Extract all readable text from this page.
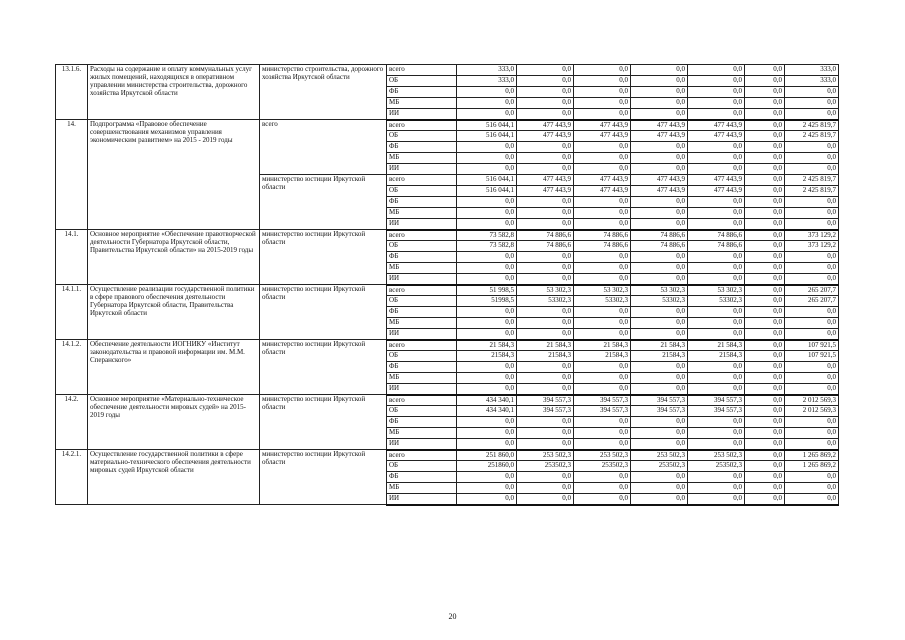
13.1.6.	Расходы на содержание и оплату коммунальных услуг жилых помещений, находящихся в оперативном управлении министерства строительства, дорожного хозяйства Иркутской области	министерство строительства, дорожного хозяйства Иркутской области	всего	333,0	0,0	0,0	0,0	0,0	0,0	333,0
			ОБ	333,0	0,0	0,0	0,0	0,0	0,0	333,0
			ФБ	0,0	0,0	0,0	0,0	0,0	0,0	0,0
			МБ	0,0	0,0	0,0	0,0	0,0	0,0	0,0
			ИИ	0,0	0,0	0,0	0,0	0,0	0,0	0,0
14.	Подпрограмма «Правовое обеспечение совершенствования механизмов управления экономическим развитием» на 2015 - 2019 годы	всего	всего	516 044,1	477 443,9	477 443,9	477 443,9	477 443,9	0,0	2 425 819,7
			ОБ	516 044,1	477 443,9	477 443,9	477 443,9	477 443,9	0,0	2 425 819,7
			ФБ	0,0	0,0	0,0	0,0	0,0	0,0	0,0
			МБ	0,0	0,0	0,0	0,0	0,0	0,0	0,0
			ИИ	0,0	0,0	0,0	0,0	0,0	0,0	0,0
		министерство юстиции Иркутской области	всего	516 044,1	477 443,9	477 443,9	477 443,9	477 443,9	0,0	2 425 819,7
			ОБ	516 044,1	477 443,9	477 443,9	477 443,9	477 443,9	0,0	2 425 819,7
			ФБ	0,0	0,0	0,0	0,0	0,0	0,0	0,0
			МБ	0,0	0,0	0,0	0,0	0,0	0,0	0,0
			ИИ	0,0	0,0	0,0	0,0	0,0	0,0	0,0
14.1.	Основное мероприятие «Обеспечение правотворческой деятельности Губернатора Иркутской области, Правительства Иркутской области» на 2015-2019 годы	министерство юстиции Иркутской области	всего	73 582,8	74 886,6	74 886,6	74 886,6	74 886,6	0,0	373 129,2
			ОБ	73 582,8	74 886,6	74 886,6	74 886,6	74 886,6	0,0	373 129,2
			ФБ	0,0	0,0	0,0	0,0	0,0	0,0	0,0
			МБ	0,0	0,0	0,0	0,0	0,0	0,0	0,0
			ИИ	0,0	0,0	0,0	0,0	0,0	0,0	0,0
14.1.1.	Осуществление реализации государственной политики в сфере правового обеспечения деятельности Губернатора Иркутской области, Правительства Иркутской области	министерство юстиции Иркутской области	всего	51 998,5	53 302,3	53 302,3	53 302,3	53 302,3	0,0	265 207,7
			ОБ	51998,5	53302,3	53302,3	53302,3	53302,3	0,0	265 207,7
			ФБ	0,0	0,0	0,0	0,0	0,0	0,0	0,0
			МБ	0,0	0,0	0,0	0,0	0,0	0,0	0,0
			ИИ	0,0	0,0	0,0	0,0	0,0	0,0	0,0
14.1.2.	Обеспечение деятельности ИОГНИКУ «Институт законодательства и правовой информации им. М.М. Сперанского»	министерство юстиции Иркутской области	всего	21 584,3	21 584,3	21 584,3	21 584,3	21 584,3	0,0	107 921,5
			ОБ	21584,3	21584,3	21584,3	21584,3	21584,3	0,0	107 921,5
			ФБ	0,0	0,0	0,0	0,0	0,0	0,0	0,0
			МБ	0,0	0,0	0,0	0,0	0,0	0,0	0,0
			ИИ	0,0	0,0	0,0	0,0	0,0	0,0	0,0
14.2.	Основное мероприятие «Материально-техническое обеспечение деятельности мировых судей» на 2015-2019 годы	министерство юстиции Иркутской области	всего	434 340,1	394 557,3	394 557,3	394 557,3	394 557,3	0,0	2 012 569,3
			ОБ	434 340,1	394 557,3	394 557,3	394 557,3	394 557,3	0,0	2 012 569,3
			ФБ	0,0	0,0	0,0	0,0	0,0	0,0	0,0
			МБ	0,0	0,0	0,0	0,0	0,0	0,0	0,0
			ИИ	0,0	0,0	0,0	0,0	0,0	0,0	0,0
14.2.1.	Осуществление государственной политики в сфере материально-технического обеспечения деятельности мировых судей Иркутской области	министерство юстиции Иркутской области	всего	251 860,0	253 502,3	253 502,3	253 502,3	253 502,3	0,0	1 265 869,2
			ОБ	251860,0	253502,3	253502,3	253502,3	253502,3	0,0	1 265 869,2
			ФБ	0,0	0,0	0,0	0,0	0,0	0,0	0,0
			МБ	0,0	0,0	0,0	0,0	0,0	0,0	0,0
			ИИ	0,0	0,0	0,0	0,0	0,0	0,0	0,0
20
